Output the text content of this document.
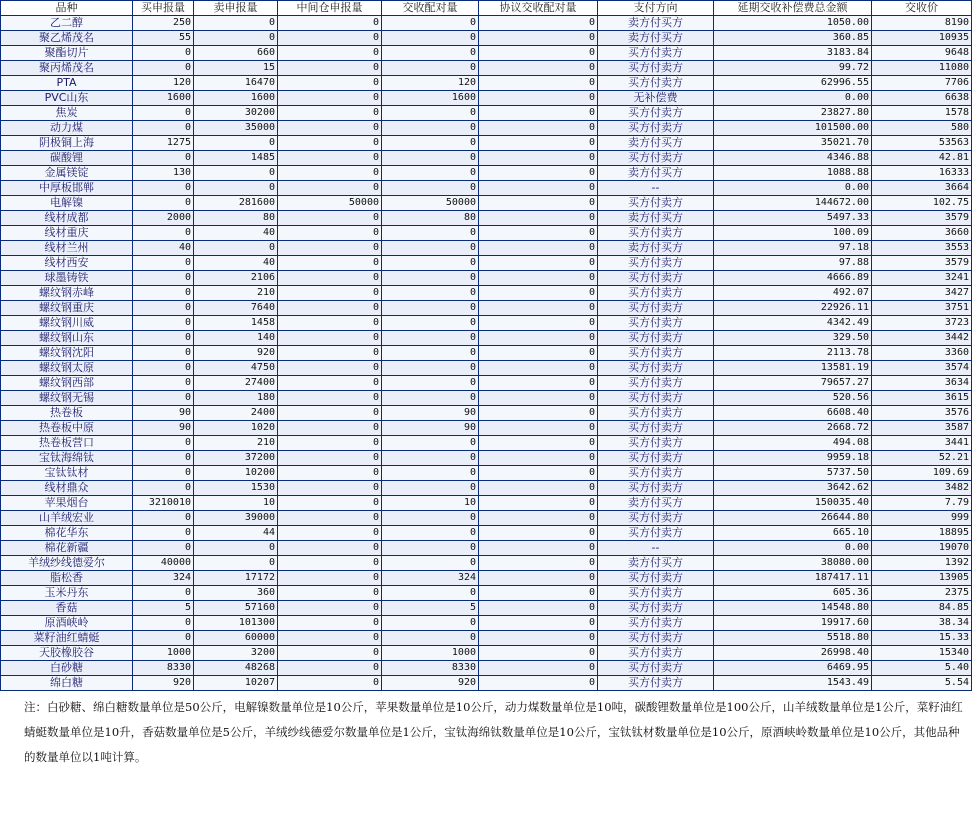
品种	买申报量	卖申报量	中间仓申报量	交收配对量	协议交收配对量	支付方向	延期交收补偿费总金额	交收价
乙二醇	250	0	0	0	0	卖方付买方	1050.00	8190
聚乙烯茂名	55	0	0	0	0	卖方付买方	360.85	10935
聚酯切片	0	660	0	0	0	买方付卖方	3183.84	9648
聚丙烯茂名	0	15	0	0	0	买方付卖方	99.72	11080
PTA	120	16470	0	120	0	买方付卖方	62996.55	7706
PVC山东	1600	1600	0	1600	0	无补偿费	0.00	6638
焦炭	0	30200	0	0	0	买方付卖方	23827.80	1578
动力煤	0	35000	0	0	0	买方付卖方	101500.00	580
阴极铜上海	1275	0	0	0	0	卖方付买方	35021.70	53563
碳酸锂	0	1485	0	0	0	买方付卖方	4346.88	42.81
金属镁锭	130	0	0	0	0	卖方付买方	1088.88	16333
中厚板邯郸	0	0	0	0	0	--	0.00	3664
电解镍	0	281600	50000	50000	0	买方付卖方	144672.00	102.75
线材成都	2000	80	0	80	0	卖方付买方	5497.33	3579
线材重庆	0	40	0	0	0	买方付卖方	100.09	3660
线材兰州	40	0	0	0	0	卖方付买方	97.18	3553
线材西安	0	40	0	0	0	买方付卖方	97.88	3579
球墨铸铁	0	2106	0	0	0	买方付卖方	4666.89	3241
螺纹钢赤峰	0	210	0	0	0	买方付卖方	492.07	3427
螺纹钢重庆	0	7640	0	0	0	买方付卖方	22926.11	3751
螺纹钢川威	0	1458	0	0	0	买方付卖方	4342.49	3723
螺纹钢山东	0	140	0	0	0	买方付卖方	329.50	3442
螺纹钢沈阳	0	920	0	0	0	买方付卖方	2113.78	3360
螺纹钢太原	0	4750	0	0	0	买方付卖方	13581.19	3574
螺纹钢西部	0	27400	0	0	0	买方付卖方	79657.27	3634
螺纹钢无锡	0	180	0	0	0	买方付卖方	520.56	3615
热卷板	90	2400	0	90	0	买方付卖方	6608.40	3576
热卷板中原	90	1020	0	90	0	买方付卖方	2668.72	3587
热卷板营口	0	210	0	0	0	买方付卖方	494.08	3441
宝钛海绵钛	0	37200	0	0	0	买方付卖方	9959.18	52.21
宝钛钛材	0	10200	0	0	0	买方付卖方	5737.50	109.69
线材鼎众	0	1530	0	0	0	买方付卖方	3642.62	3482
苹果烟台	3210010	10	0	10	0	卖方付买方	150035.40	7.79
山羊绒宏业	0	39000	0	0	0	买方付卖方	26644.80	999
棉花华东	0	44	0	0	0	买方付卖方	665.10	18895
棉花新疆	0	0	0	0	0	--	0.00	19070
羊绒纱线德爱尔	40000	0	0	0	0	卖方付买方	38080.00	1392
脂松香	324	17172	0	324	0	买方付卖方	187417.11	13905
玉米丹东	0	360	0	0	0	买方付卖方	605.36	2375
香菇	5	57160	0	5	0	买方付卖方	14548.80	84.85
原酒峡岭	0	101300	0	0	0	买方付卖方	19917.60	38.34
菜籽油红蜻蜓	0	60000	0	0	0	买方付卖方	5518.80	15.33
天胶橡胶谷	1000	3200	0	1000	0	买方付卖方	26998.40	15340
白砂糖	8330	48268	0	8330	0	买方付卖方	6469.95	5.40
绵白糖	920	10207	0	920	0	买方付卖方	1543.49	5.54
注：白砂糖、绵白糖数量单位是50公斤，电解镍数量单位是10公斤，苹果数量单位是10公斤，动力煤数量单位是10吨，碳酸锂数量单位是100公斤，山羊绒数量单位是1公斤，菜籽油红蜻蜓数量单位是10升，香菇数量单位是5公斤，羊绒纱线德爱尔数量单位是1公斤，宝钛海绵钛数量单位是10公斤，宝钛钛材数量单位是10公斤，原酒峡岭数量单位是10公斤，其他品种的数量单位以1吨计算。
